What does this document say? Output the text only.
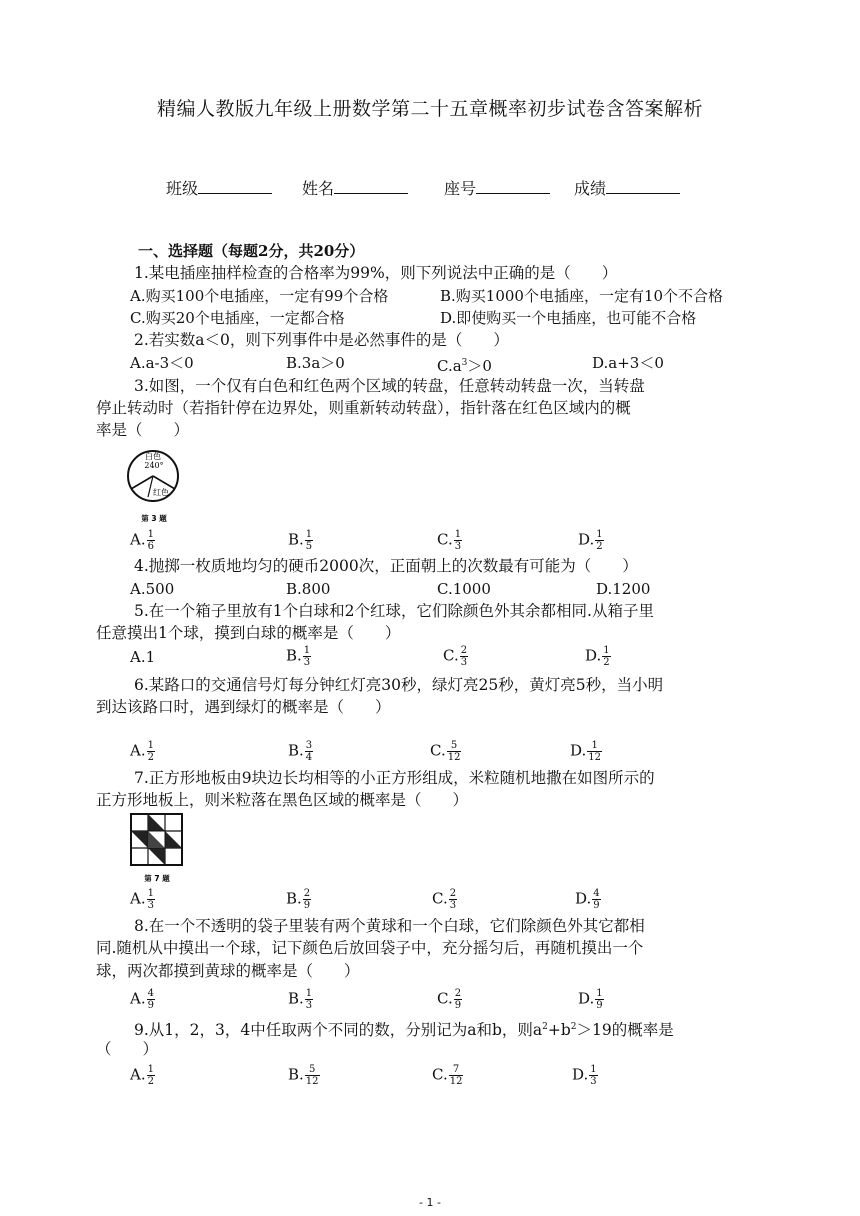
精编人教版九年级上册数学第二十五章概率初步试卷含答案解析
班级	姓名	座号	成绩
一、选择题（每题2分，共20分）
1.某电插座抽样检查的合格率为99%，则下列说法中正确的是（　　）
A.购买100个电插座，一定有99个合格	B.购买1000个电插座，一定有10个不合格
C.购买20个电插座，一定都合格	D.即使购买一个电插座，也可能不合格
2.若实数a＜0，则下列事件中是必然事件的是（　　）
A.a-3＜0	B.3a＞0	$C.a^3>0$	D.a+3＜0
3.如图，一个仅有白色和红色两个区域的转盘，任意转动转盘一次，当转盘
停止转动时（若指针停在边界处，则重新转动转盘），指针落在红色区域内的概
率是（　　）
白色
240°
红色
第 3 题
A. $\frac{1}{6}$	B. $\frac{1}{5}$	C. $\frac{1}{3}$	D. $\frac{1}{2}$
4.抛掷一枚质地均匀的硬币2000次，正面朝上的次数最有可能为（　　）
A.500	B.800	C.1000	D.1200
5.在一个箱子里放有1个白球和2个红球，它们除颜色外其余都相同.从箱子里
任意摸出1个球，摸到白球的概率是（　　）
A.1	B. $\frac{1}{3}$	C. $\frac{2}{3}$	D. $\frac{1}{2}$
6.某路口的交通信号灯每分钟红灯亮30秒，绿灯亮25秒，黄灯亮5秒，当小明
到达该路口时，遇到绿灯的概率是（　　）
A. $\frac{1}{2}$	B. $\frac{3}{4}$	C. $\frac{5}{12}$	D. $\frac{1}{12}$
7.正方形地板由9块边长均相等的小正方形组成，米粒随机地撒在如图所示的
正方形地板上，则米粒落在黑色区域的概率是（　　）
第 7 题
A. $\frac{1}{3}$	B. $\frac{2}{9}$	C. $\frac{2}{3}$	D. $\frac{4}{9}$
8.在一个不透明的袋子里装有两个黄球和一个白球，它们除颜色外其它都相
同.随机从中摸出一个球，记下颜色后放回袋子中，充分摇匀后，再随机摸出一个
球，两次都摸到黄球的概率是（　　）
A. $\frac{4}{9}$	B. $\frac{1}{3}$	C. $\frac{2}{9}$	D. $\frac{1}{9}$
9.从1，2，3，4中任取两个不同的数，分别记为a和b，则$a^2+b^2>19$的概率是
（　　）
A. $\frac{1}{2}$	B. $\frac{5}{12}$	C. $\frac{7}{12}$	D. $\frac{1}{3}$
- 1 -
